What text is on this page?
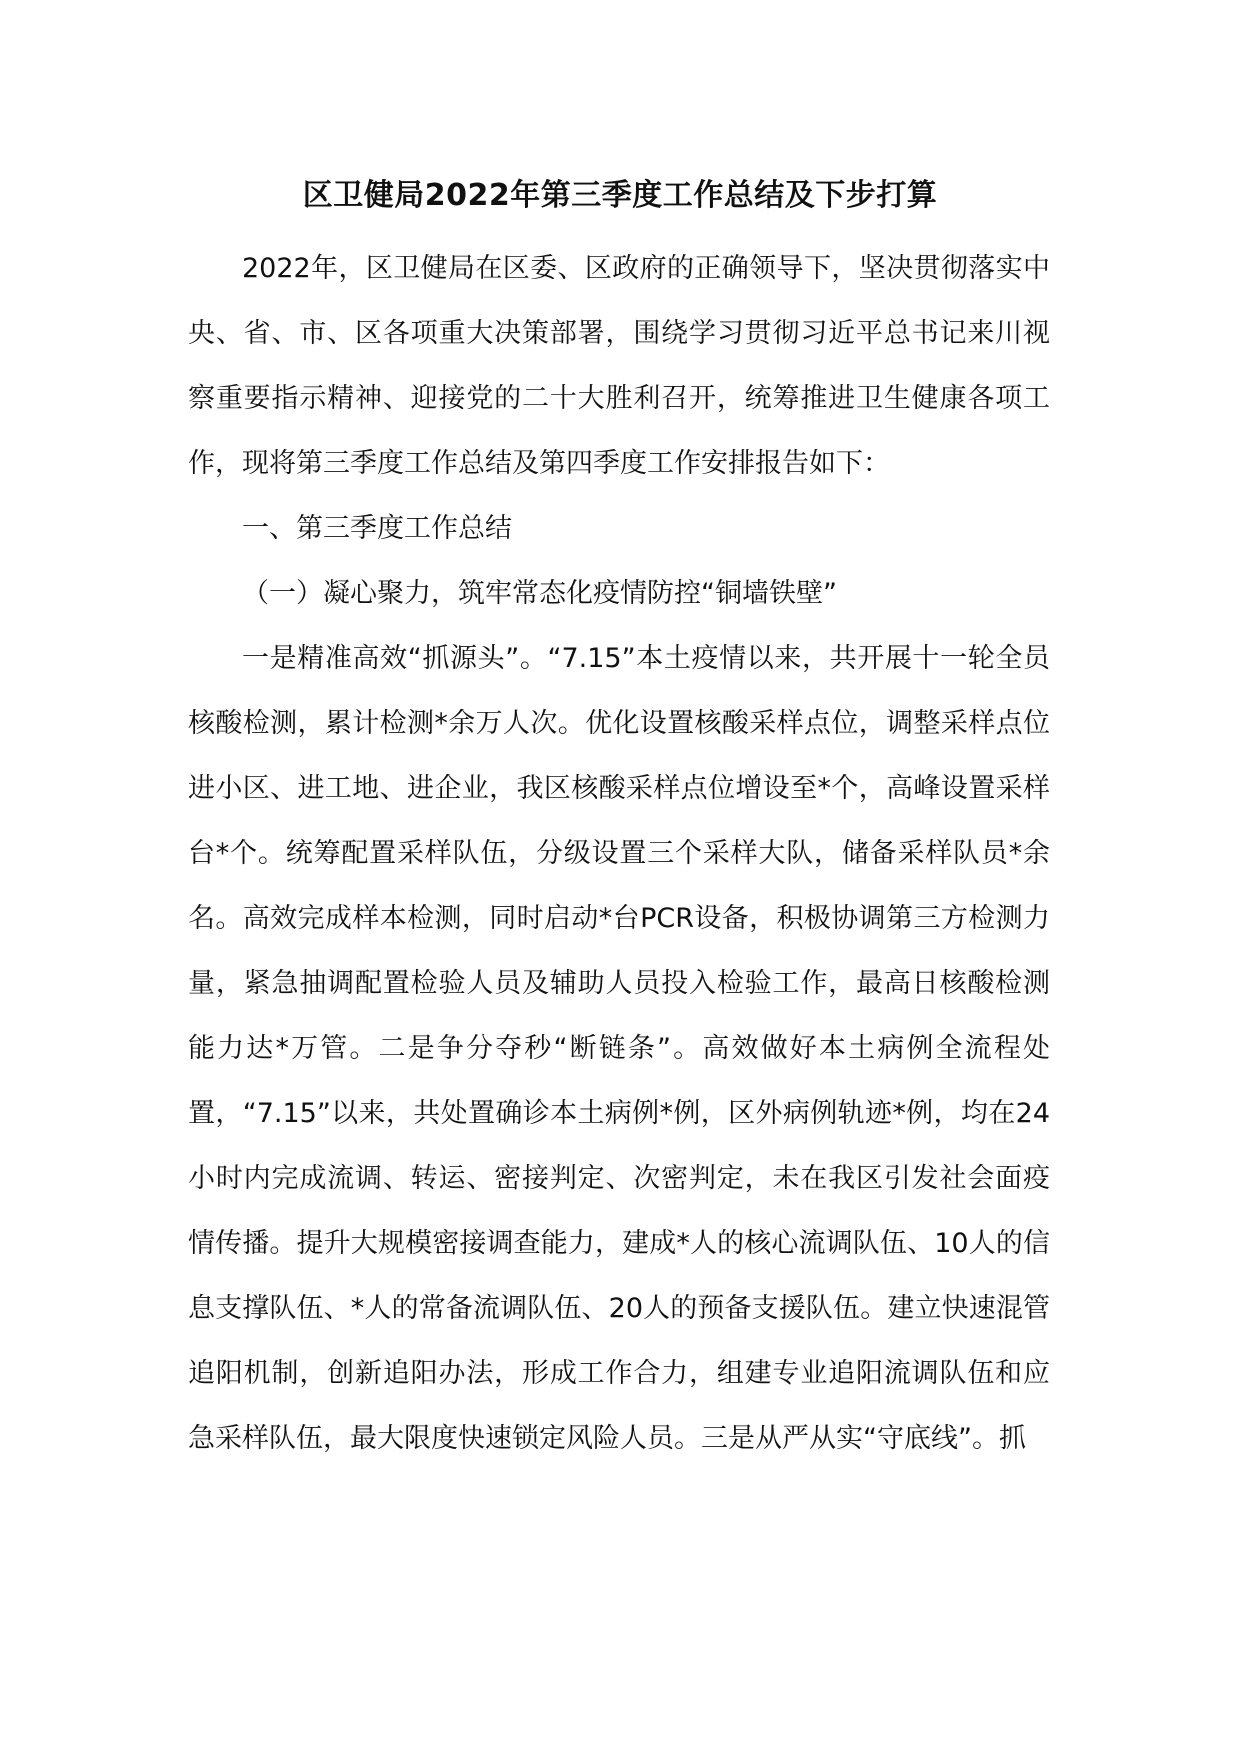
区卫健局2022年第三季度工作总结及下步打算

2022年，区卫健局在区委、区政府的正确领导下，坚决贯彻落实中央、省、市、区各项重大决策部署，围绕学习贯彻习近平总书记来川视察重要指示精神、迎接党的二十大胜利召开，统筹推进卫生健康各项工作，现将第三季度工作总结及第四季度工作安排报告如下：

一、第三季度工作总结

（一）凝心聚力，筑牢常态化疫情防控“铜墙铁壁”

一是精准高效“抓源头”。“7.15”本土疫情以来，共开展十一轮全员核酸检测，累计检测*余万人次。优化设置核酸采样点位，调整采样点位进小区、进工地、进企业，我区核酸采样点位增设至*个，高峰设置采样台*个。统筹配置采样队伍，分级设置三个采样大队，储备采样队员*余名。高效完成样本检测，同时启动*台PCR设备，积极协调第三方检测力量，紧急抽调配置检验人员及辅助人员投入检验工作，最高日核酸检测能力达*万管。二是争分夺秒“断链条”。高效做好本土病例全流程处置，“7.15”以来，共处置确诊本土病例*例，区外病例轨迹*例，均在24小时内完成流调、转运、密接判定、次密判定，未在我区引发社会面疫情传播。提升大规模密接调查能力，建成*人的核心流调队伍、10人的信息支撑队伍、*人的常备流调队伍、20人的预备支援队伍。建立快速混管追阳机制，创新追阳办法，形成工作合力，组建专业追阳流调队伍和应急采样队伍，最大限度快速锁定风险人员。三是从严从实“守底线”。抓
